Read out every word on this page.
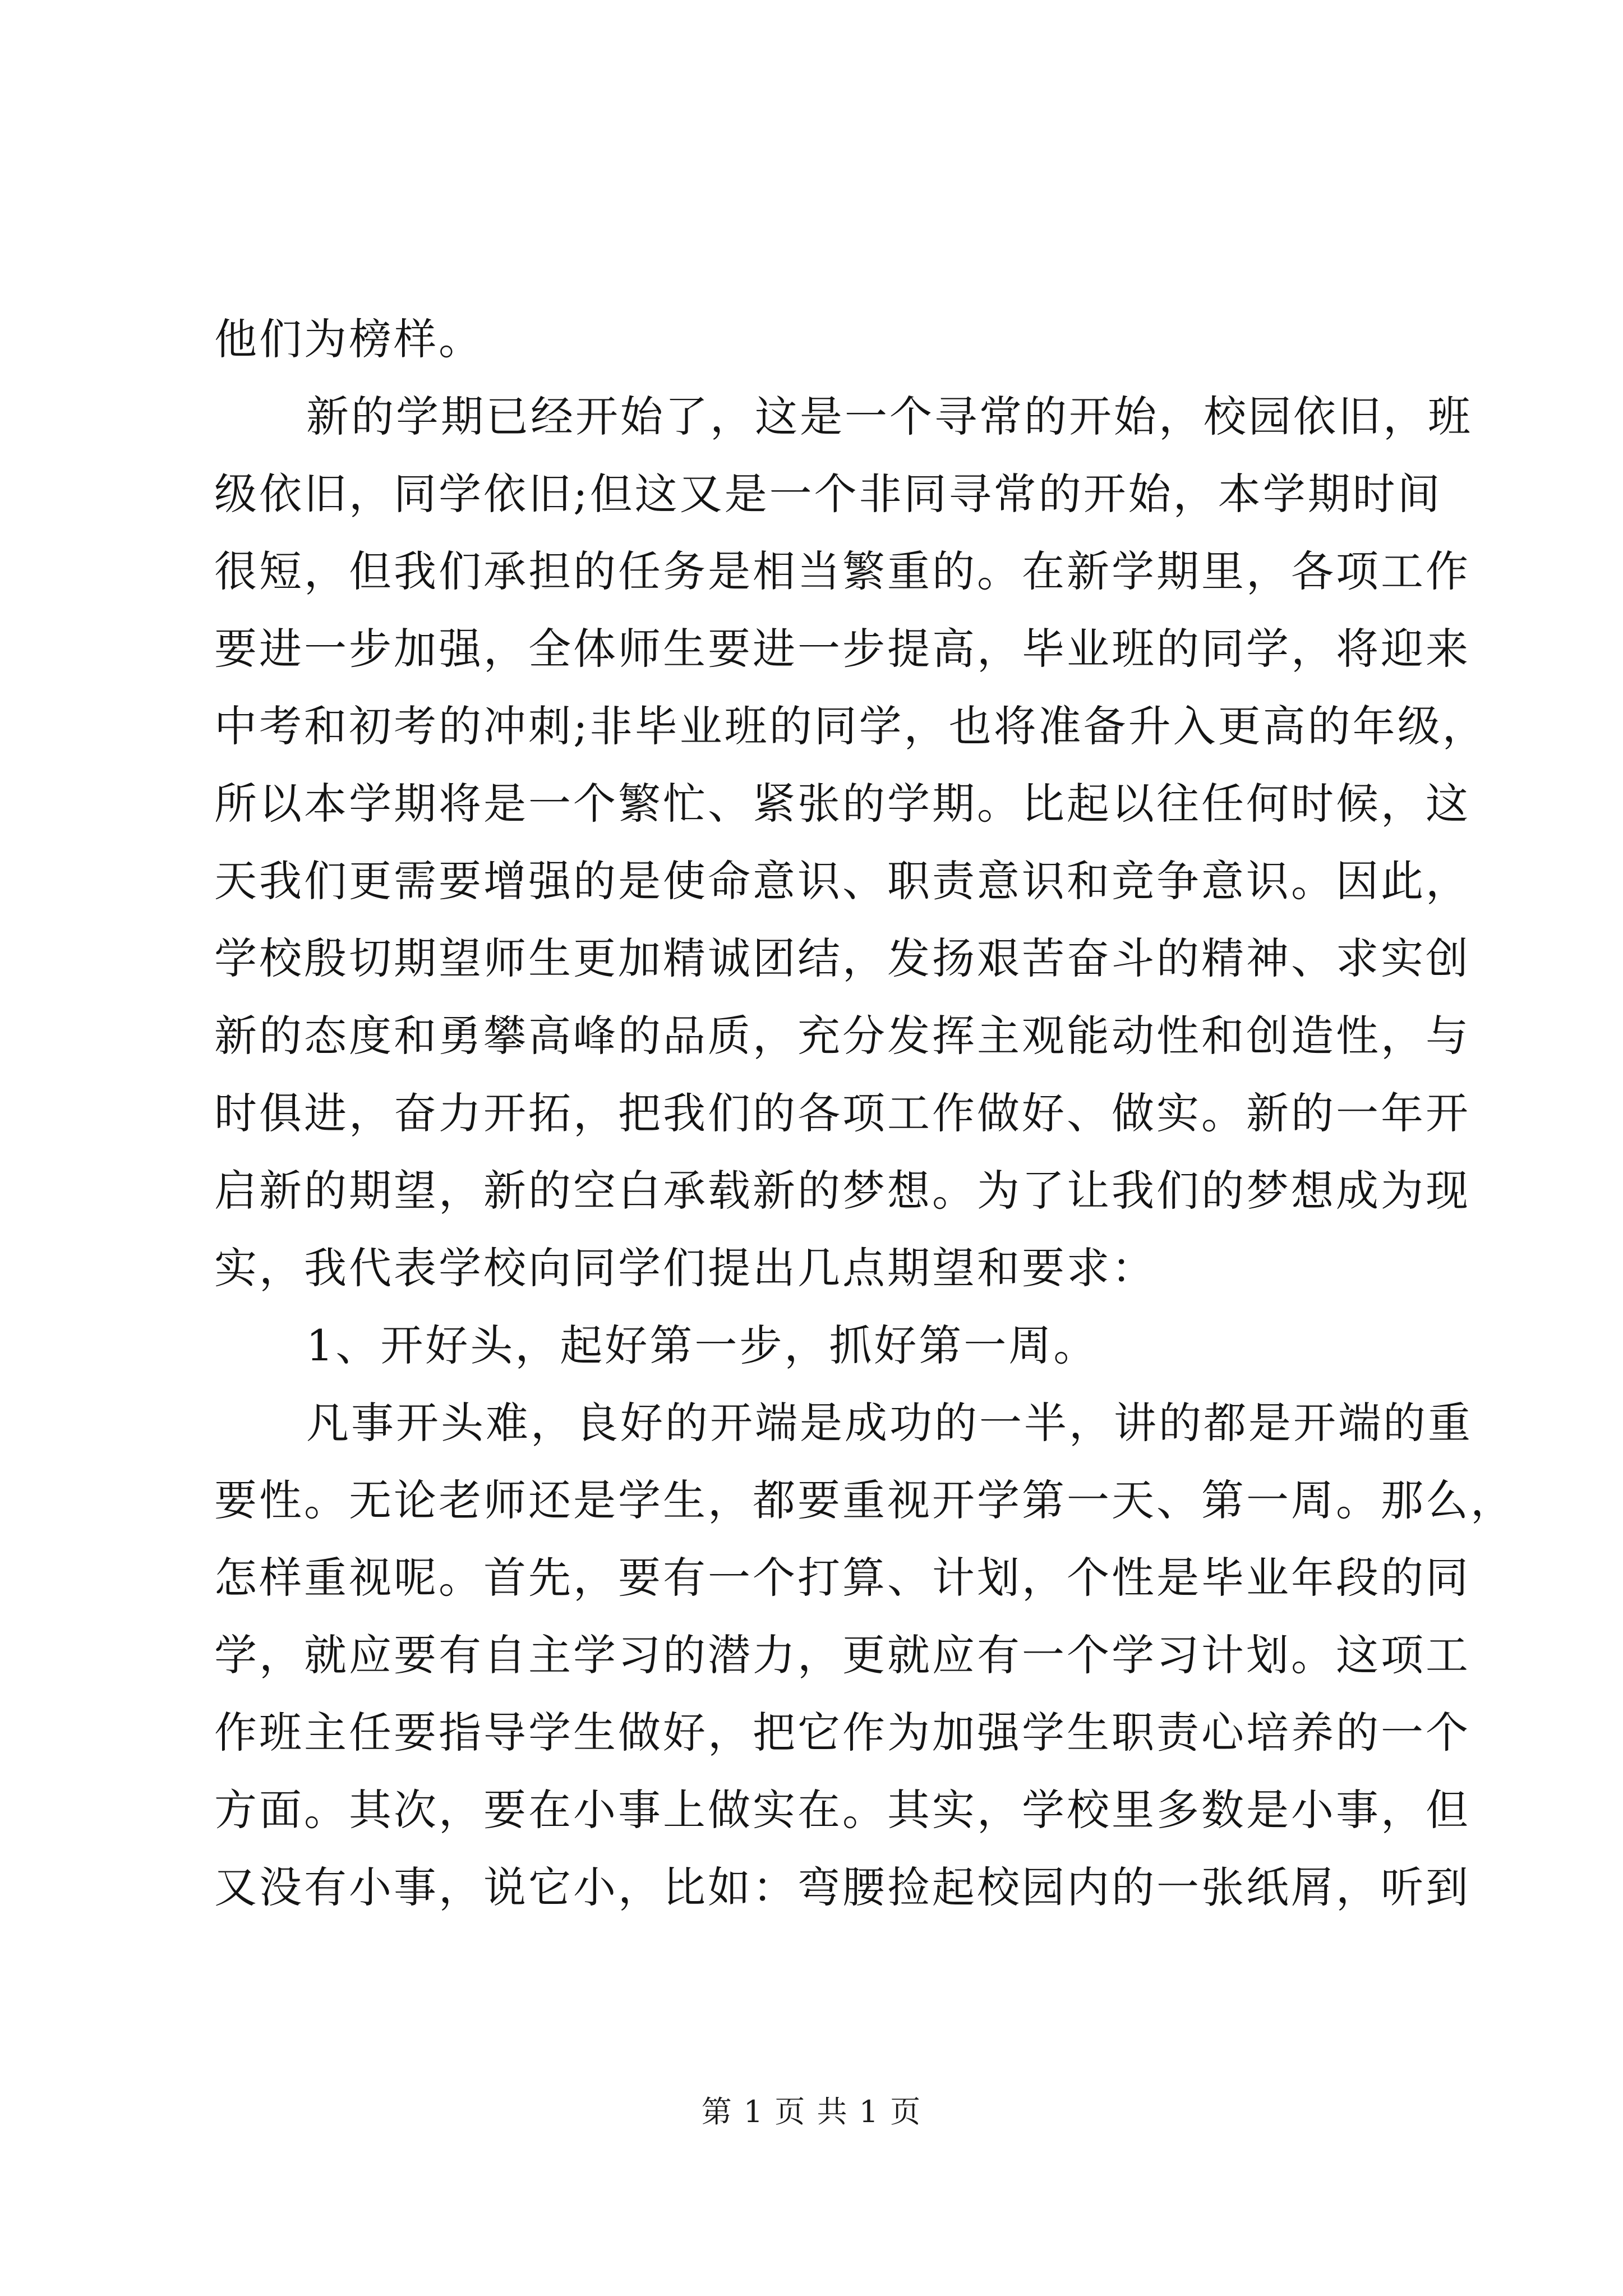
他们为榜样。
新的学期已经开始了，这是一个寻常的开始，校园依旧，班
级依旧，同学依旧;但这又是一个非同寻常的开始，本学期时间
很短，但我们承担的任务是相当繁重的。在新学期里，各项工作
要进一步加强，全体师生要进一步提高，毕业班的同学，将迎来
中考和初考的冲刺;非毕业班的同学，也将准备升入更高的年级，
所以本学期将是一个繁忙、紧张的学期。比起以往任何时候，这
天我们更需要增强的是使命意识、职责意识和竞争意识。因此，
学校殷切期望师生更加精诚团结，发扬艰苦奋斗的精神、求实创
新的态度和勇攀高峰的品质，充分发挥主观能动性和创造性，与
时俱进，奋力开拓，把我们的各项工作做好、做实。新的一年开
启新的期望，新的空白承载新的梦想。为了让我们的梦想成为现
实，我代表学校向同学们提出几点期望和要求：
1、开好头，起好第一步，抓好第一周。
凡事开头难，良好的开端是成功的一半，讲的都是开端的重
要性。无论老师还是学生，都要重视开学第一天、第一周。那么，
怎样重视呢。首先，要有一个打算、计划，个性是毕业年段的同
学，就应要有自主学习的潜力，更就应有一个学习计划。这项工
作班主任要指导学生做好，把它作为加强学生职责心培养的一个
方面。其次，要在小事上做实在。其实，学校里多数是小事，但
又没有小事，说它小，比如：弯腰捡起校园内的一张纸屑，听到
第 1 页 共 1 页
